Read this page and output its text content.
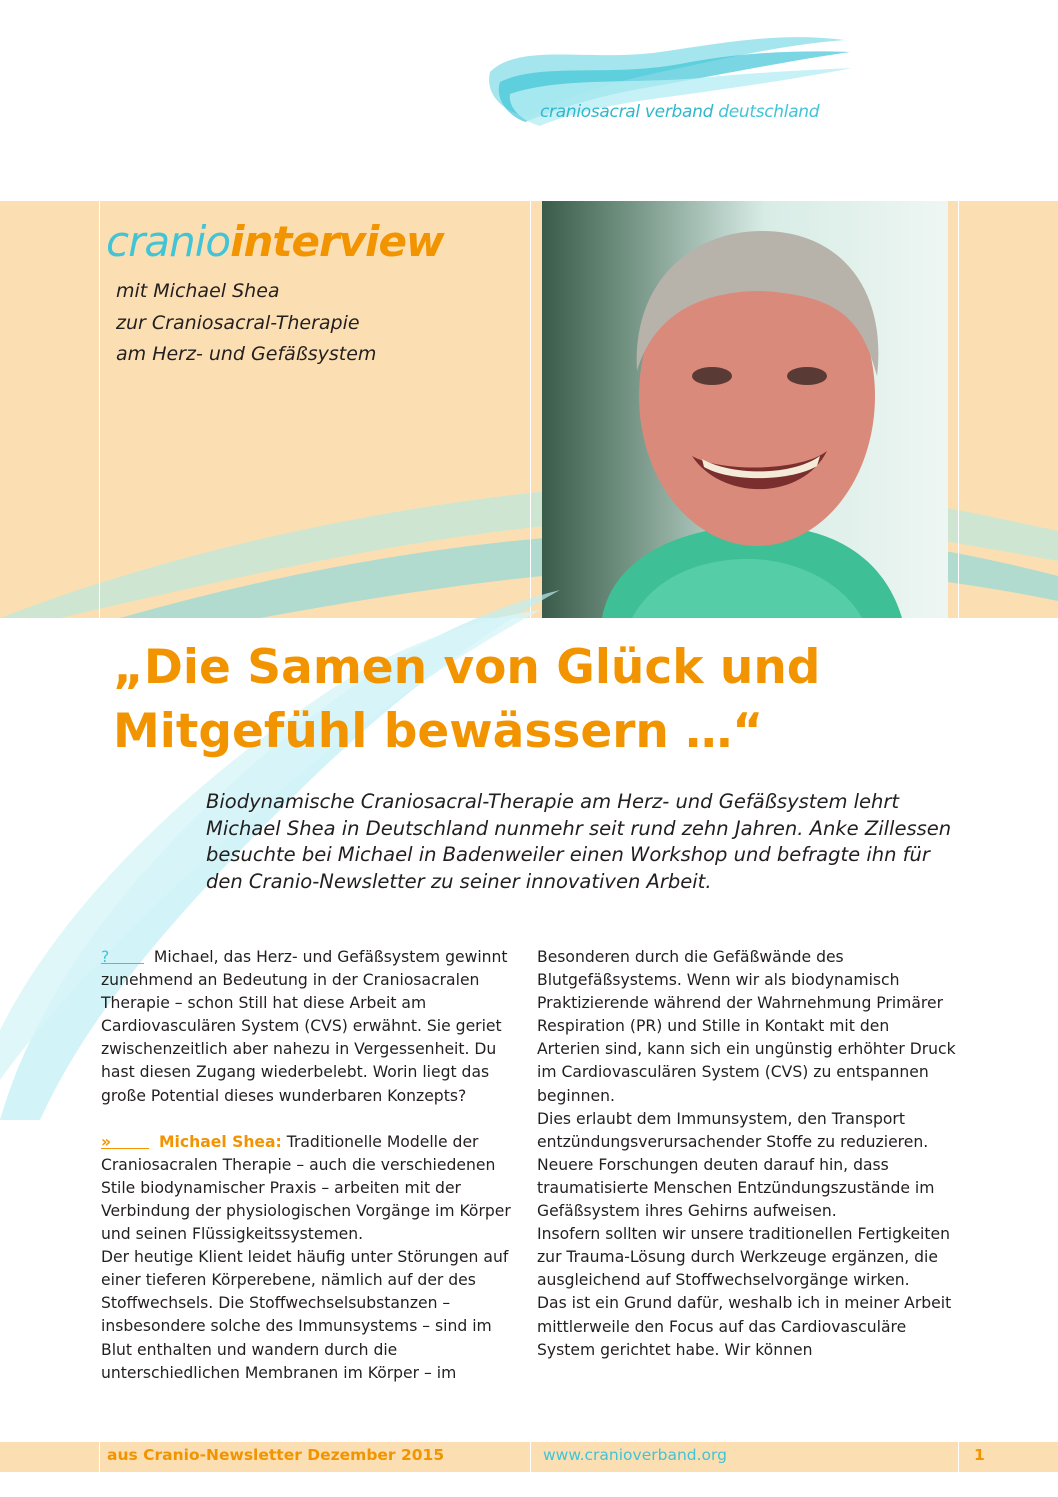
craniosacral verband deutschland
craniointerview
mit Michael Shea
zur Craniosacral-Therapie
am Herz- und Gefäßsystem
„Die Samen von Glück und
Mitgefühl bewässern …“
Biodynamische Craniosacral-Therapie am Herz- und Gefäßsystem lehrt Michael Shea in Deutschland nunmehr seit rund zehn Jahren. Anke Zillessen besuchte bei Michael in Badenweiler einen Workshop und befragte ihn für den Cranio-Newsletter zu seiner innovativen Arbeit.

?	Michael, das Herz- und Gefäßsystem gewinnt zunehmend an Bedeutung in der Craniosacralen Therapie – schon Still hat diese Arbeit am Cardiovasculären System (CVS) erwähnt. Sie geriet zwischenzeitlich aber nahezu in Vergessenheit. Du hast diesen Zugang wiederbelebt. Worin liegt das große Potential dieses wunderbaren Konzepts?

»	Michael Shea: Traditionelle Modelle der Craniosacralen Therapie – auch die verschiedenen Stile biodynamischer Praxis – arbeiten mit der Verbindung der physiologischen Vorgänge im Körper und seinen Flüssigkeitssystemen.

Der heutige Klient leidet häufig unter Störungen auf einer tieferen Körperebene, nämlich auf der des Stoffwechsels. Die Stoffwechselsubstanzen – insbesondere solche des Immunsystems – sind im Blut enthalten und wandern durch die unterschiedlichen Membranen im Körper – im

Besonderen durch die Gefäßwände des Blutgefäßsystems. Wenn wir als biodynamisch Praktizierende während der Wahrnehmung Primärer Respiration (PR) und Stille in Kontakt mit den Arterien sind, kann sich ein ungünstig erhöhter Druck im Cardiovasculären System (CVS) zu entspannen beginnen.

Dies erlaubt dem Immunsystem, den Transport entzündungsverursachender Stoffe zu reduzieren.

Neuere Forschungen deuten darauf hin, dass traumatisierte Menschen Entzündungszustände im Gefäßsystem ihres Gehirns aufweisen.

Insofern sollten wir unsere traditionellen Fertigkeiten zur Trauma-Lösung durch Werkzeuge ergänzen, die ausgleichend auf Stoffwechselvorgänge wirken.

Das ist ein Grund dafür, weshalb ich in meiner Arbeit mittlerweile den Focus auf das Cardiovasculäre System gerichtet habe. Wir können

aus Cranio-Newsletter Dezember 2015	www.cranioverband.org	1
